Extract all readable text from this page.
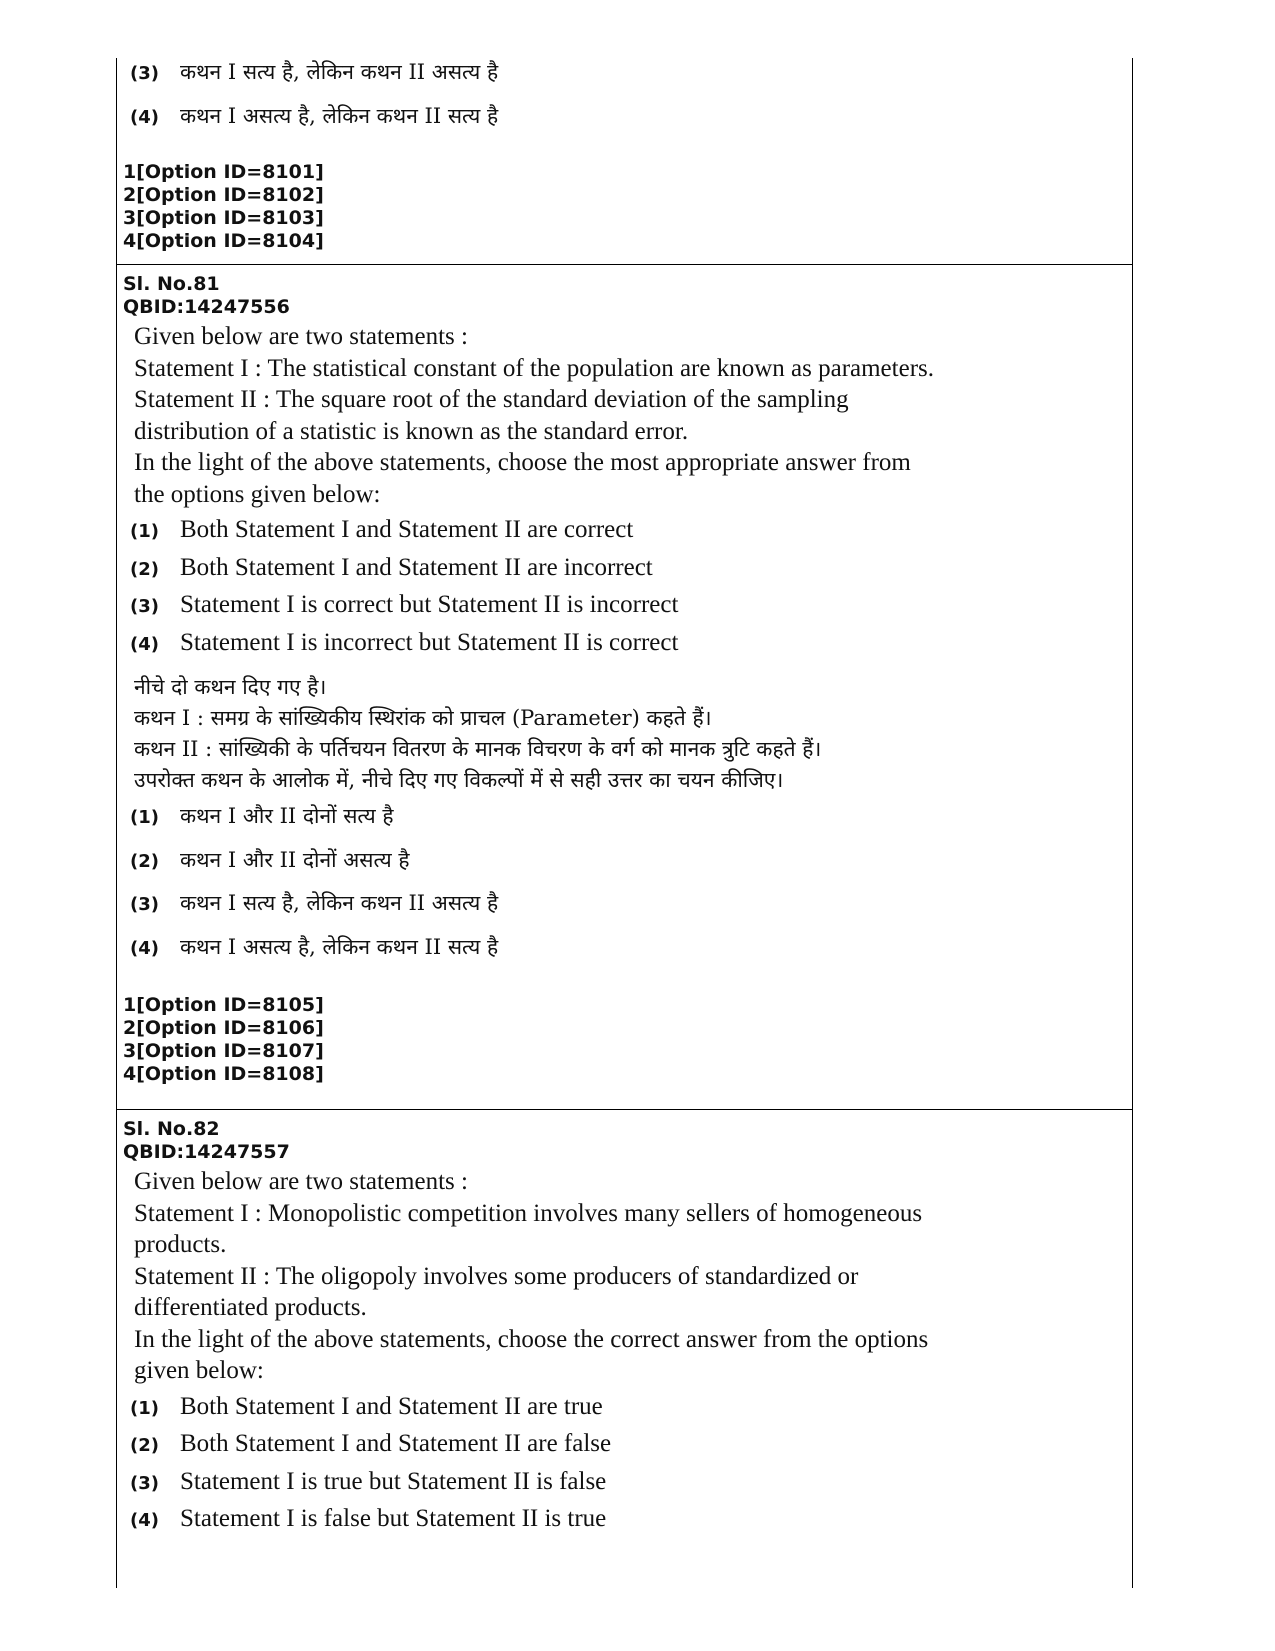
(3)	कथन I सत्य है, लेकिन कथन II असत्य है
(4)	कथन I असत्य है, लेकिन कथन II सत्य है

1[Option ID=8101]

2[Option ID=8102]

3[Option ID=8103]

4[Option ID=8104]

Sl. No.81

QBID:14247556

Given below are two statements :

Statement I : The statistical constant of the population are known as parameters.

Statement II : The square root of the standard deviation of the sampling

distribution of a statistic is known as the standard error.

In the light of the above statements, choose the most appropriate answer from

the options given below:

(1) Both Statement I and Statement II are correct
(2) Both Statement I and Statement II are incorrect
(3) Statement I is correct but Statement II is incorrect
(4) Statement I is incorrect but Statement II is correct

नीचे दो कथन दिए गए है।

कथन I : समग्र के सांख्यिकीय स्थिरांक को प्राचल (Parameter) कहते हैं।

कथन II : सांख्यिकी के पर्तिचयन वितरण के मानक विचरण के वर्ग को मानक त्रुटि कहते हैं।

उपरोक्त कथन के आलोक में, नीचे दिए गए विकल्पों में से सही उत्तर का चयन कीजिए।

(1)	कथन I और II दोनों सत्य है
(2)	कथन I और II दोनों असत्य है
(3)	कथन I सत्य है, लेकिन कथन II असत्य है
(4)	कथन I असत्य है, लेकिन कथन II सत्य है

1[Option ID=8105]

2[Option ID=8106]

3[Option ID=8107]

4[Option ID=8108]

Sl. No.82

QBID:14247557

Given below are two statements :

Statement I : Monopolistic competition involves many sellers of homogeneous

products.

Statement II : The oligopoly involves some producers of standardized or

differentiated products.

In the light of the above statements, choose the correct answer from the options

given below:

(1) Both Statement I and Statement II are true
(2) Both Statement I and Statement II are false
(3) Statement I is true but Statement II is false
(4) Statement I is false but Statement II is true
